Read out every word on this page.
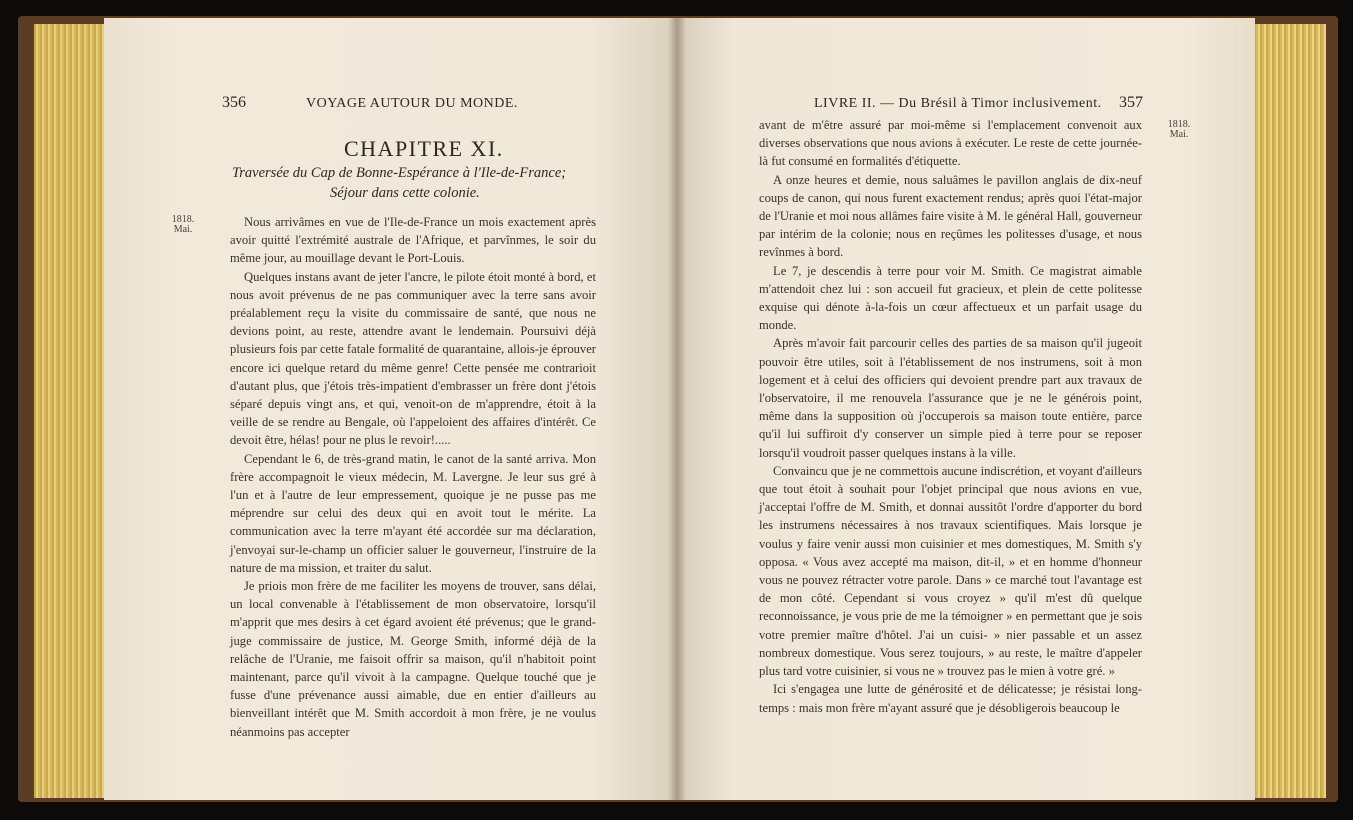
356	VOYAGE AUTOUR DU MONDE.
CHAPITRE XI.
Traversée du Cap de Bonne-Espérance à l'Ile-de-France;
Séjour dans cette colonie.
1818.
Mai.

Nous arrivâmes en vue de l'Ile-de-France un mois exactement après avoir quitté l'extrémité australe de l'Afrique, et parvînmes, le soir du même jour, au mouillage devant le Port-Louis.

Quelques instans avant de jeter l'ancre, le pilote étoit monté à bord, et nous avoit prévenus de ne pas communiquer avec la terre sans avoir préalablement reçu la visite du commissaire de santé, que nous ne devions point, au reste, attendre avant le lendemain. Poursuivi déjà plusieurs fois par cette fatale formalité de quarantaine, allois-je éprouver encore ici quelque retard du même genre! Cette pensée me contrarioit d'autant plus, que j'étois très-impatient d'embrasser un frère dont j'étois séparé depuis vingt ans, et qui, venoit-on de m'apprendre, étoit à la veille de se rendre au Bengale, où l'appeloient des affaires d'intérêt. Ce devoit être, hélas! pour ne plus le revoir!.....

Cependant le 6, de très-grand matin, le canot de la santé arriva. Mon frère accompagnoit le vieux médecin, M. Lavergne. Je leur sus gré à l'un et à l'autre de leur empressement, quoique je ne pusse pas me méprendre sur celui des deux qui en avoit tout le mérite. La communication avec la terre m'ayant été accordée sur ma déclaration, j'envoyai sur-le-champ un officier saluer le gouverneur, l'instruire de la nature de ma mission, et traiter du salut.

Je priois mon frère de me faciliter les moyens de trouver, sans délai, un local convenable à l'établissement de mon observatoire, lorsqu'il m'apprit que mes desirs à cet égard avoient été prévenus; que le grand-juge commissaire de justice, M. George Smith, informé déjà de la relâche de l'Uranie, me faisoit offrir sa maison, qu'il n'habitoit point maintenant, parce qu'il vivoit à la campagne. Quelque touché que je fusse d'une prévenance aussi aimable, due en entier d'ailleurs au bienveillant intérêt que M. Smith accordoit à mon frère, je ne voulus néanmoins pas accepter

LIVRE II. — Du Brésil à Timor inclusivement. 357
1818.
Mai.

avant de m'être assuré par moi-même si l'emplacement convenoit aux diverses observations que nous avions à exécuter. Le reste de cette journée-là fut consumé en formalités d'étiquette.

A onze heures et demie, nous saluâmes le pavillon anglais de dix-neuf coups de canon, qui nous furent exactement rendus; après quoi l'état-major de l'Uranie et moi nous allâmes faire visite à M. le général Hall, gouverneur par intérim de la colonie; nous en reçûmes les politesses d'usage, et nous revînmes à bord.

Le 7, je descendis à terre pour voir M. Smith. Ce magistrat aimable m'attendoit chez lui : son accueil fut gracieux, et plein de cette politesse exquise qui dénote à-la-fois un cœur affectueux et un parfait usage du monde.

Après m'avoir fait parcourir celles des parties de sa maison qu'il jugeoit pouvoir être utiles, soit à l'établissement de nos instrumens, soit à mon logement et à celui des officiers qui devoient prendre part aux travaux de l'observatoire, il me renouvela l'assurance que je ne le générois point, même dans la supposition où j'occuperois sa maison toute entière, parce qu'il lui suffiroit d'y conserver un simple pied à terre pour se reposer lorsqu'il voudroit passer quelques instans à la ville.

Convaincu que je ne commettois aucune indiscrétion, et voyant d'ailleurs que tout étoit à souhait pour l'objet principal que nous avions en vue, j'acceptai l'offre de M. Smith, et donnai aussitôt l'ordre d'apporter du bord les instrumens nécessaires à nos travaux scientifiques. Mais lorsque je voulus y faire venir aussi mon cuisinier et mes domestiques, M. Smith s'y opposa. « Vous avez accepté ma maison, dit-il, » et en homme d'honneur vous ne pouvez rétracter votre parole. Dans » ce marché tout l'avantage est de mon côté. Cependant si vous croyez » qu'il m'est dû quelque reconnoissance, je vous prie de me la témoigner » en permettant que je sois votre premier maître d'hôtel. J'ai un cuisi- » nier passable et un assez nombreux domestique. Vous serez toujours, » au reste, le maître d'appeler plus tard votre cuisinier, si vous ne » trouvez pas le mien à votre gré. »

Ici s'engagea une lutte de générosité et de délicatesse; je résistai long-temps : mais mon frère m'ayant assuré que je désobligerois beaucoup le
